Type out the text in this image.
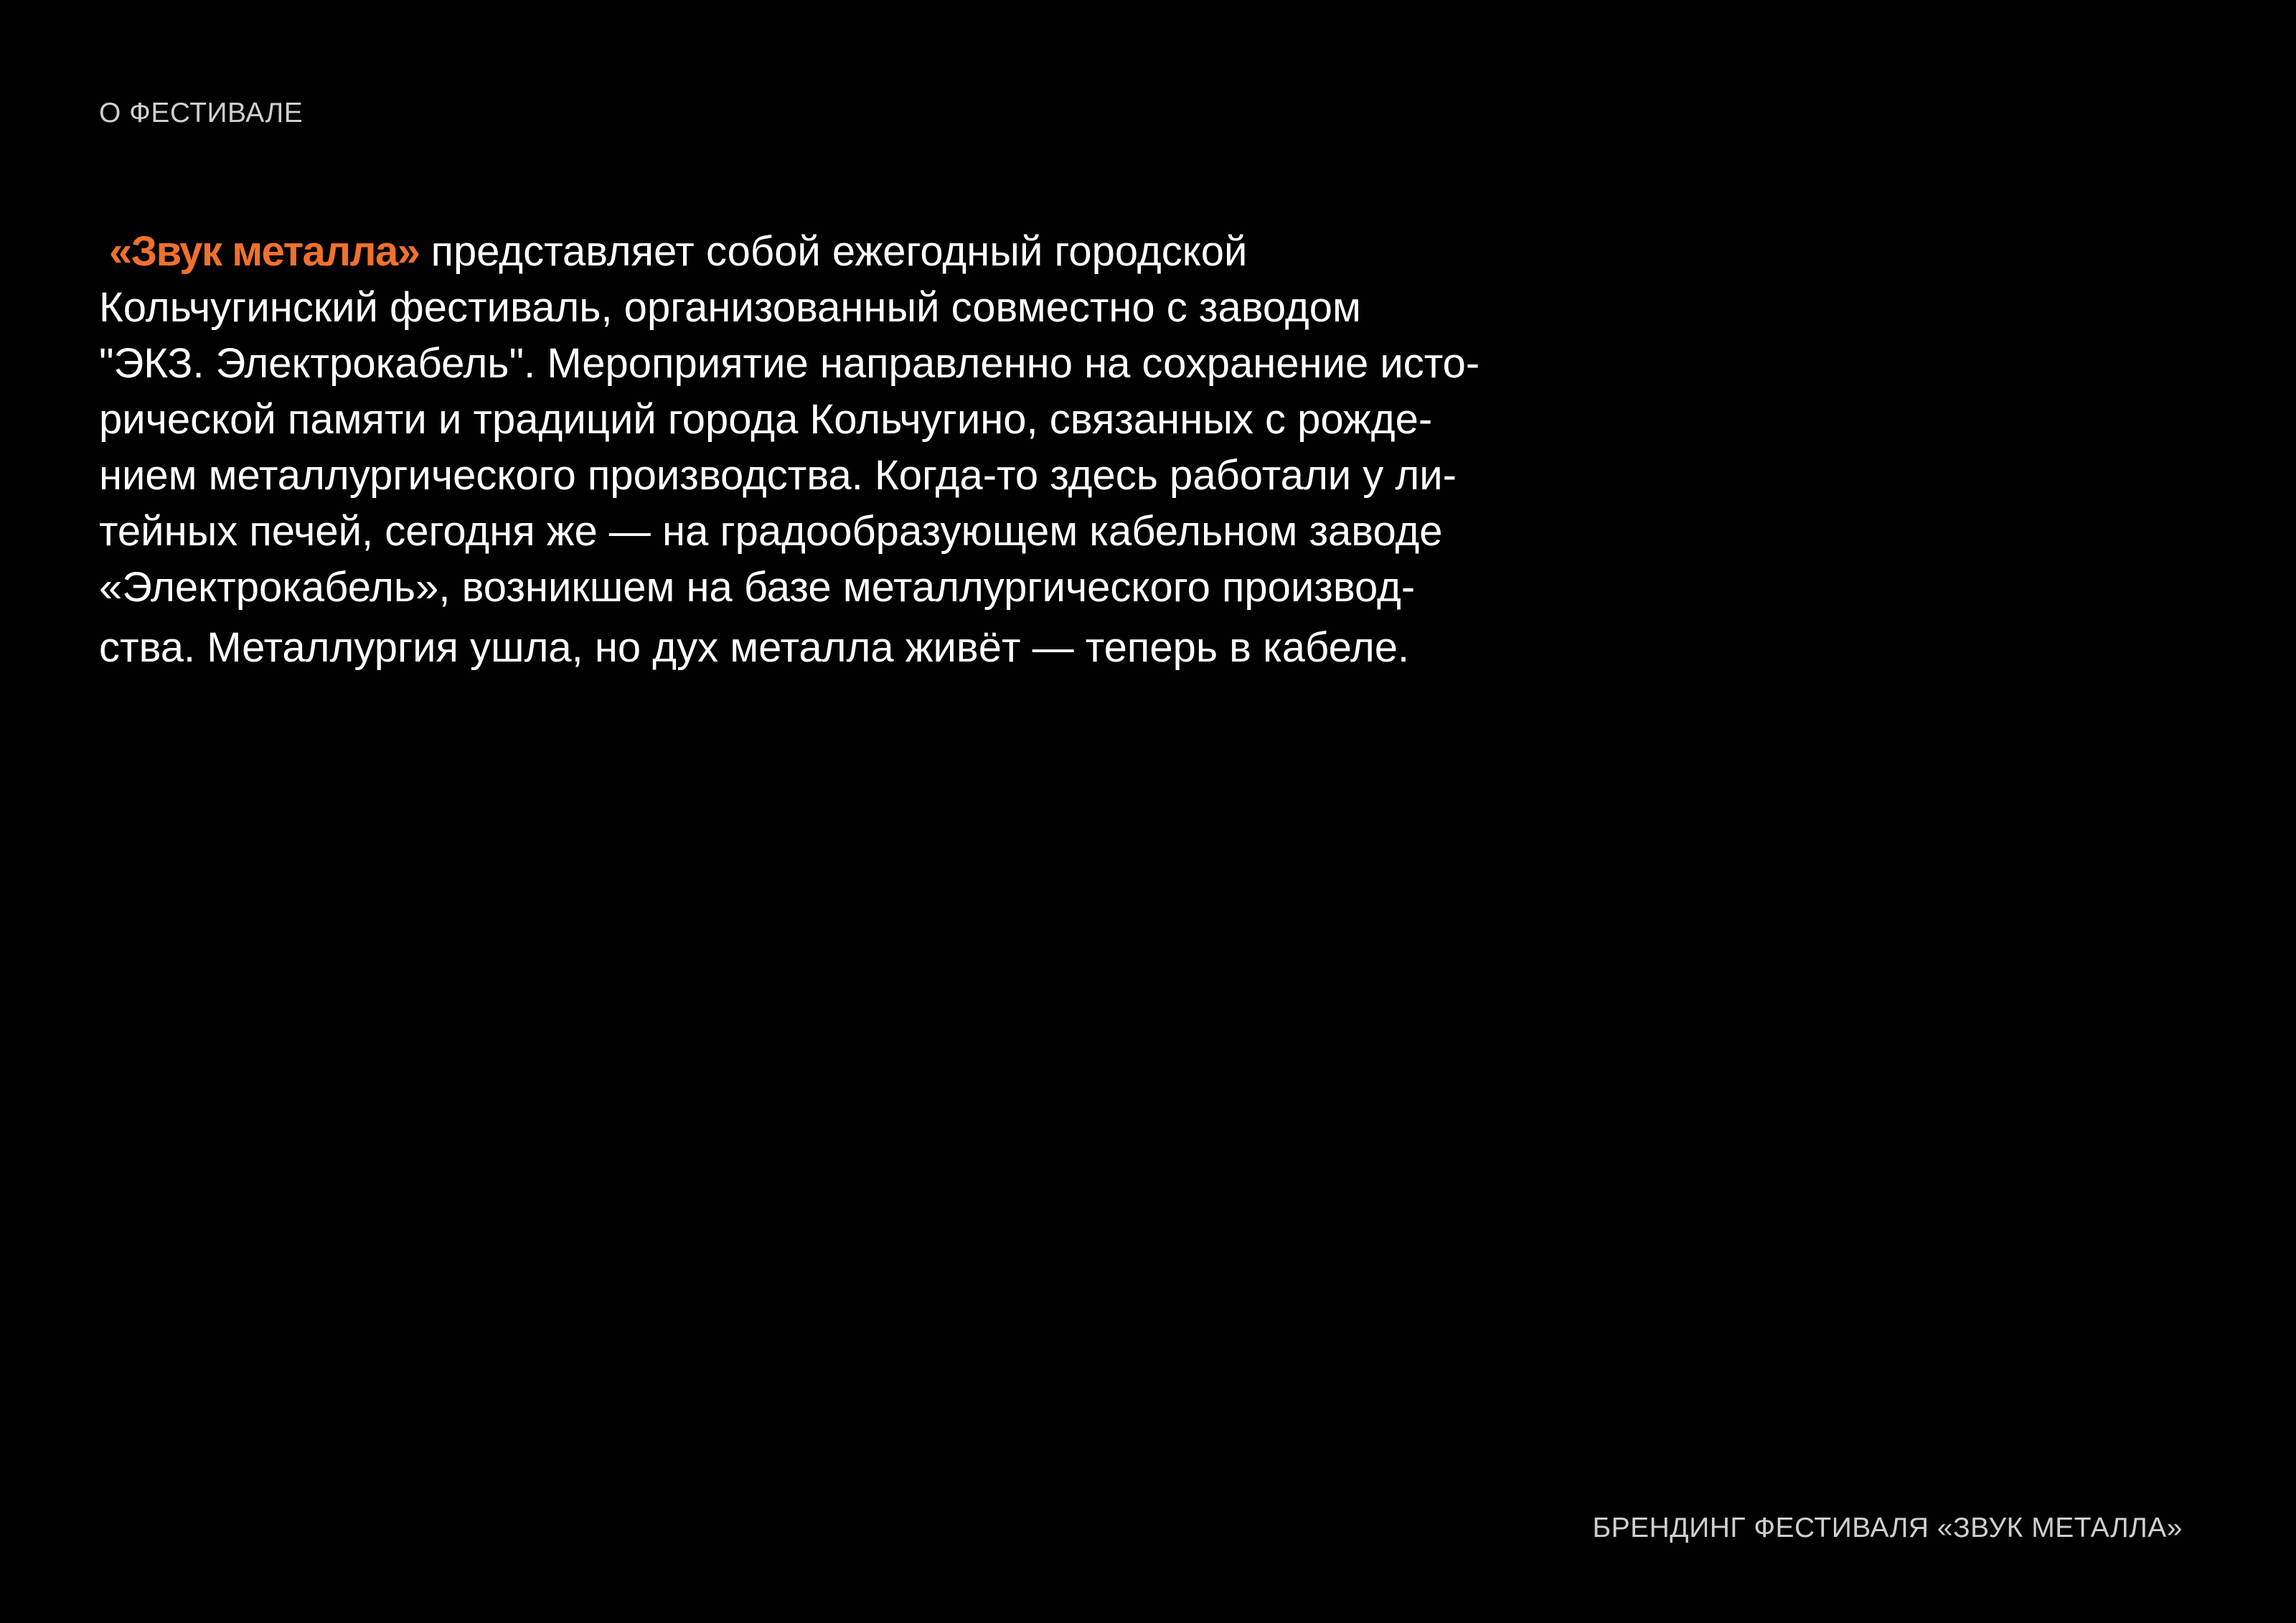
О ФЕСТИВАЛЕ

«Звук металла» представляет собой ежегодный городской
Кольчугинский фестиваль, организованный совместно с заводом
"ЭКЗ. Электрокабель". Мероприятие направленно на сохранение исто-
рической памяти и традиций города Кольчугино, связанных с рожде-
нием металлургического производства. Когда-то здесь работали у ли-
тейных печей, сегодня же — на градообразующем кабельном заводе
«Электрокабель», возникшем на базе металлургического производ-
ства. Металлургия ушла, но дух металла живёт — теперь в кабеле.

БРЕНДИНГ ФЕСТИВАЛЯ «ЗВУК МЕТАЛЛА»
